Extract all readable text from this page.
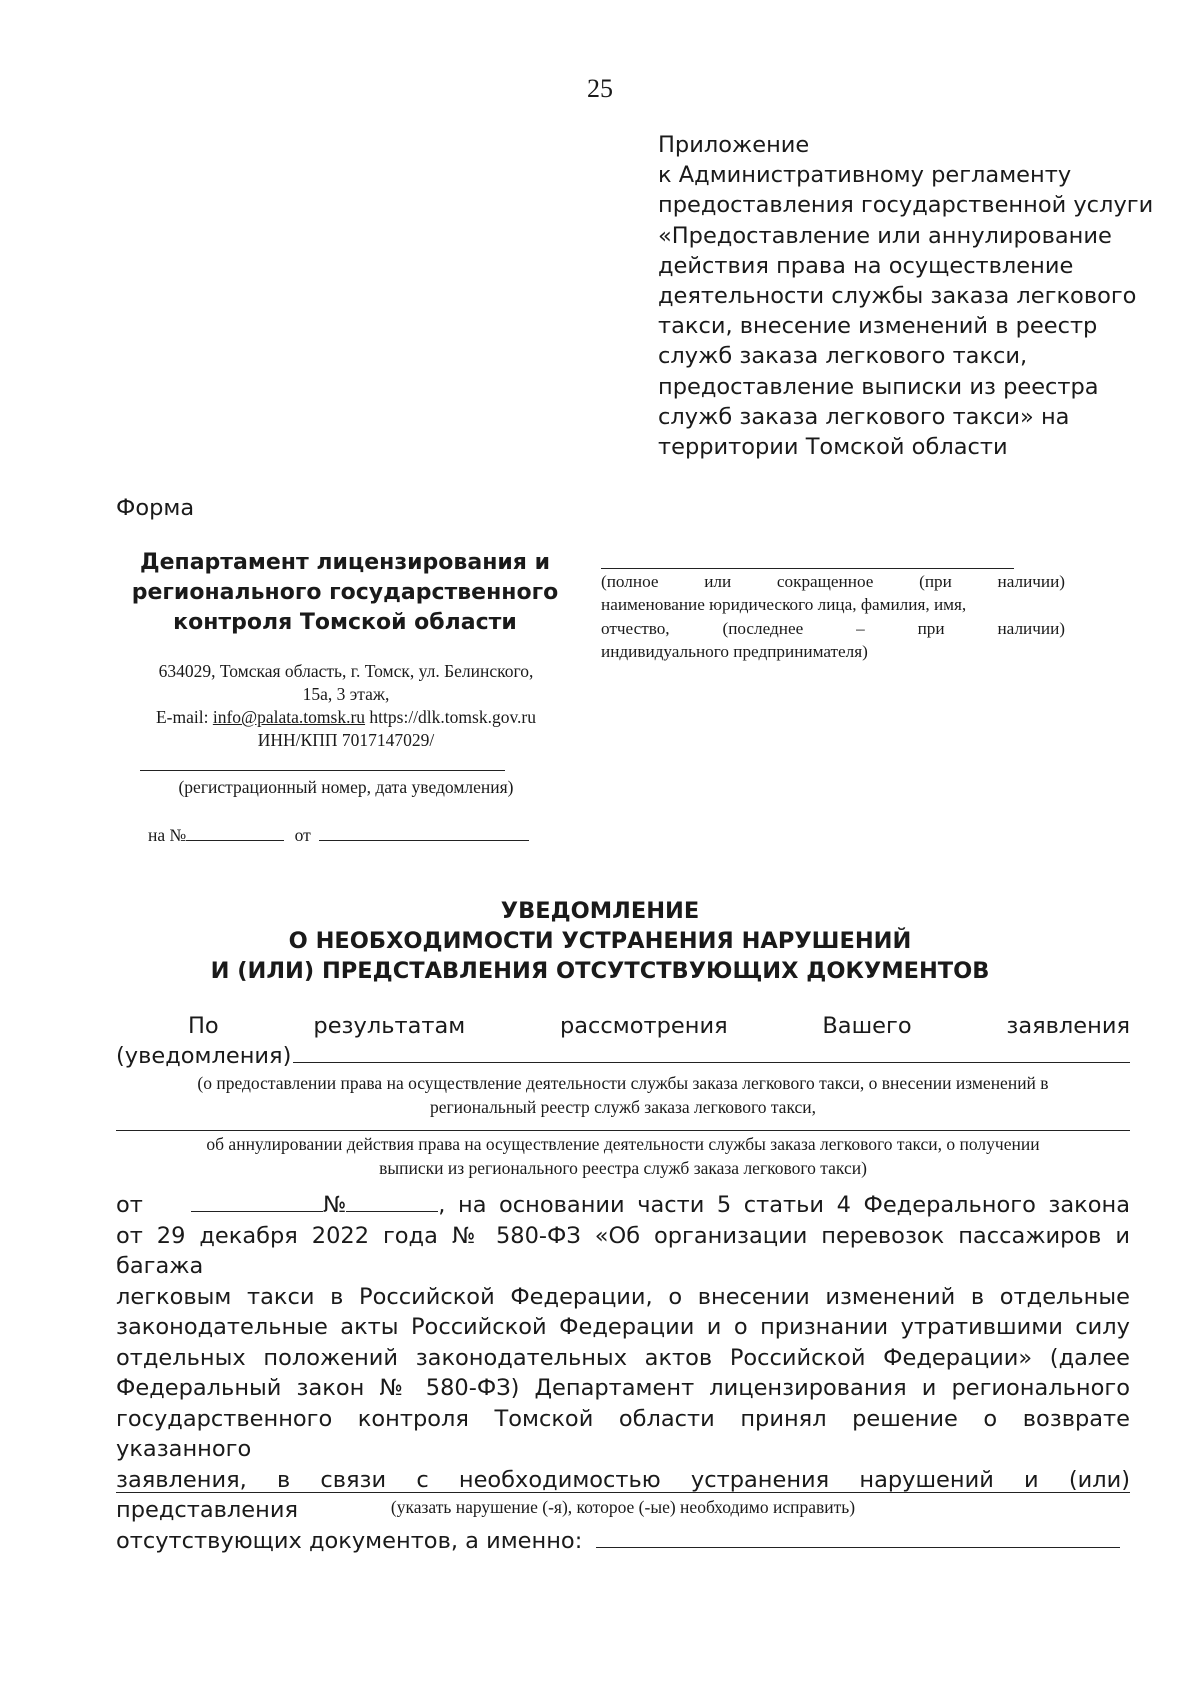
25
Приложение
к Административному регламенту
предоставления государственной услуги
«Предоставление или аннулирование
действия права на осуществление
деятельности службы заказа легкового
такси, внесение изменений в реестр
служб заказа легкового такси,
предоставление выписки из реестра
служб заказа легкового такси» на
территории Томской области
Форма
Департамент лицензирования и
регионального государственного
контроля Томской области
634029, Томская область, г. Томск, ул. Белинского,
15а, 3 этаж,
E-mail: info@palata.tomsk.ru https://dlk.tomsk.gov.ru
ИНН/КПП 7017147029/
(регистрационный номер, дата уведомления)
на №	от
(полное	или	сокращенное	(при	наличии)
наименование юридического лица, фамилия, имя,
отчество,	(последнее	–	при	наличии)
индивидуального предпринимателя)
УВЕДОМЛЕНИЕ
О НЕОБХОДИМОСТИ УСТРАНЕНИЯ НАРУШЕНИЙ
И (ИЛИ) ПРЕДСТАВЛЕНИЯ ОТСУТСТВУЮЩИХ ДОКУМЕНТОВ
По результатам рассмотрения Вашего заявления
(уведомления)
(о предоставлении права на осуществление деятельности службы заказа легкового такси, о внесении изменений в
региональный реестр служб заказа легкового такси,
об аннулировании действия права на осуществление деятельности службы заказа легкового такси, о получении
выписки из регионального реестра служб заказа легкового такси)
от	№	, на основании части 5 статьи 4 Федерального закона
от 29 декабря 2022 года № 580-ФЗ «Об организации перевозок пассажиров и багажа
легковым такси в Российской Федерации, о внесении изменений в отдельные
законодательные акты Российской Федерации и о признании утратившими силу
отдельных положений законодательных актов Российской Федерации» (далее
Федеральный закон № 580-ФЗ) Департамент лицензирования и регионального
государственного контроля Томской области принял решение о возврате указанного
заявления, в связи с необходимостью устранения нарушений и (или) представления
отсутствующих документов, а именно:
(указать нарушение (-я), которое (-ые) необходимо исправить)
